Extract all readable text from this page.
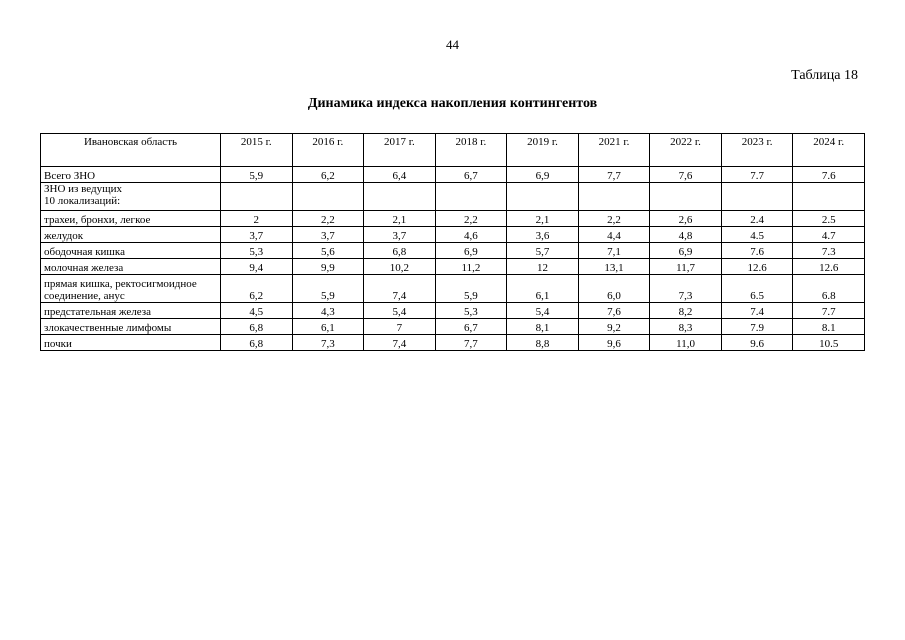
44
Таблица 18
Динамика индекса накопления контингентов
Ивановская область	2015 г.	2016 г.	2017 г.	2018 г.	2019 г.	2021 г.	2022 г.	2023 г.	2024 г.
Всего ЗНО	5,9	6,2	6,4	6,7	6,9	7,7	7,6	7.7	7.6
ЗНО из ведущих
10 локализаций:									
трахеи, бронхи, легкое	2	2,2	2,1	2,2	2,1	2,2	2,6	2.4	2.5
желудок	3,7	3,7	3,7	4,6	3,6	4,4	4,8	4.5	4.7
ободочная кишка	5,3	5,6	6,8	6,9	5,7	7,1	6,9	7.6	7.3
молочная железа	9,4	9,9	10,2	11,2	12	13,1	11,7	12.6	12.6
прямая кишка, ректосигмоидное соединение, анус	6,2	5,9	7,4	5,9	6,1	6,0	7,3	6.5	6.8
предстательная железа	4,5	4,3	5,4	5,3	5,4	7,6	8,2	7.4	7.7
злокачественные лимфомы	6,8	6,1	7	6,7	8,1	9,2	8,3	7.9	8.1
почки	6,8	7,3	7,4	7,7	8,8	9,6	11,0	9.6	10.5
